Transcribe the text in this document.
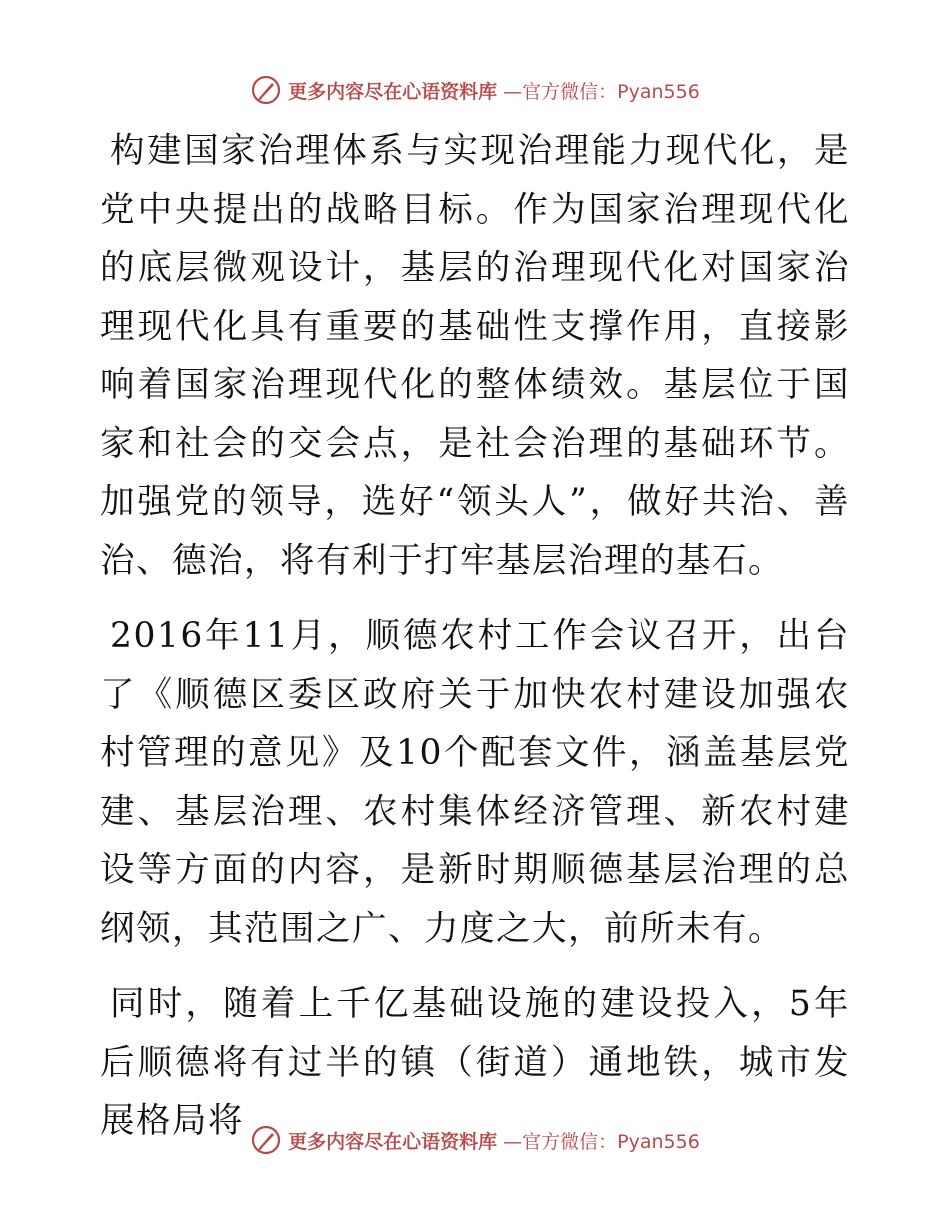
更多内容尽在心语资料库 —官方微信：Pyan556

构建国家治理体系与实现治理能力现代化，是党中央提出的战略目标。作为国家治理现代化的底层微观设计，基层的治理现代化对国家治理现代化具有重要的基础性支撑作用，直接影响着国家治理现代化的整体绩效。基层位于国家和社会的交会点，是社会治理的基础环节。加强党的领导，选好“领头人”，做好共治、善治、德治，将有利于打牢基层治理的基石。

2016年11月，顺德农村工作会议召开，出台了《顺德区委区政府关于加快农村建设加强农村管理的意见》及10个配套文件，涵盖基层党建、基层治理、农村集体经济管理、新农村建设等方面的内容，是新时期顺德基层治理的总纲领，其范围之广、力度之大，前所未有。

同时，随着上千亿基础设施的建设投入，5年后顺德将有过半的镇（街道）通地铁，城市发展格局将

更多内容尽在心语资料库 —官方微信：Pyan556
